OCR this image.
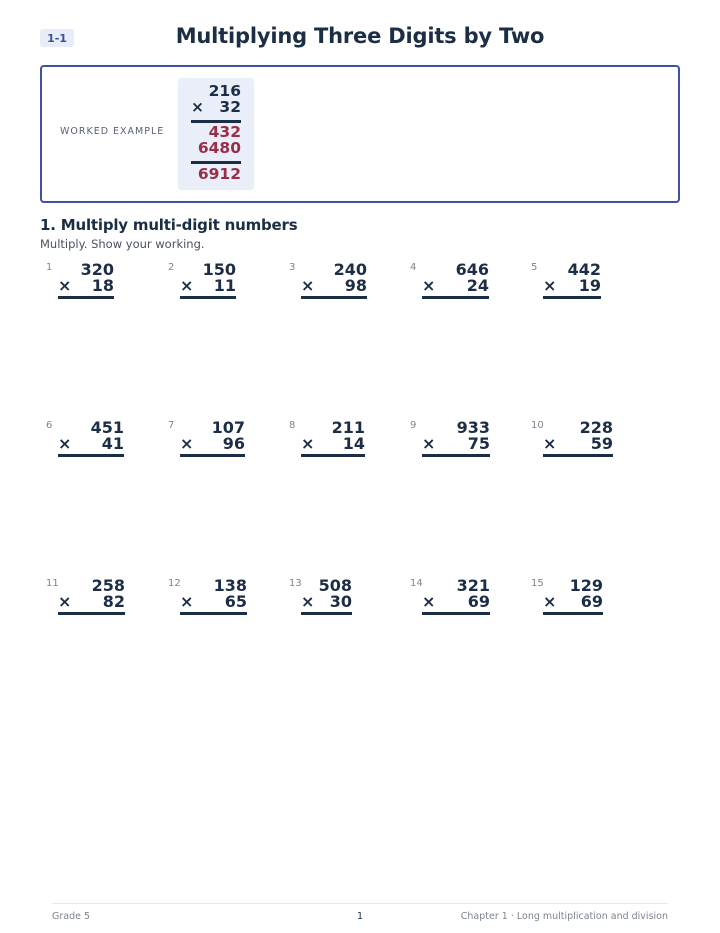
1-1	Multiplying Three Digits by Two
WORKED EXAMPLE
216
× 32
432
6480
6912
1. Multiply multi-digit numbers
Multiply. Show your working.
1 320
× 18
2 150
× 11
3 240
× 98
4 646
× 24
5 442
× 19
6 451
× 41
7 107
× 96
8 211
× 14
9	933
× 75
10 228
× 59
11 258
× 82
12 138
× 65
13 508
× 30
14 321
× 69
15 129
× 69
Grade 5	1	Chapter 1 · Long multiplication and division
